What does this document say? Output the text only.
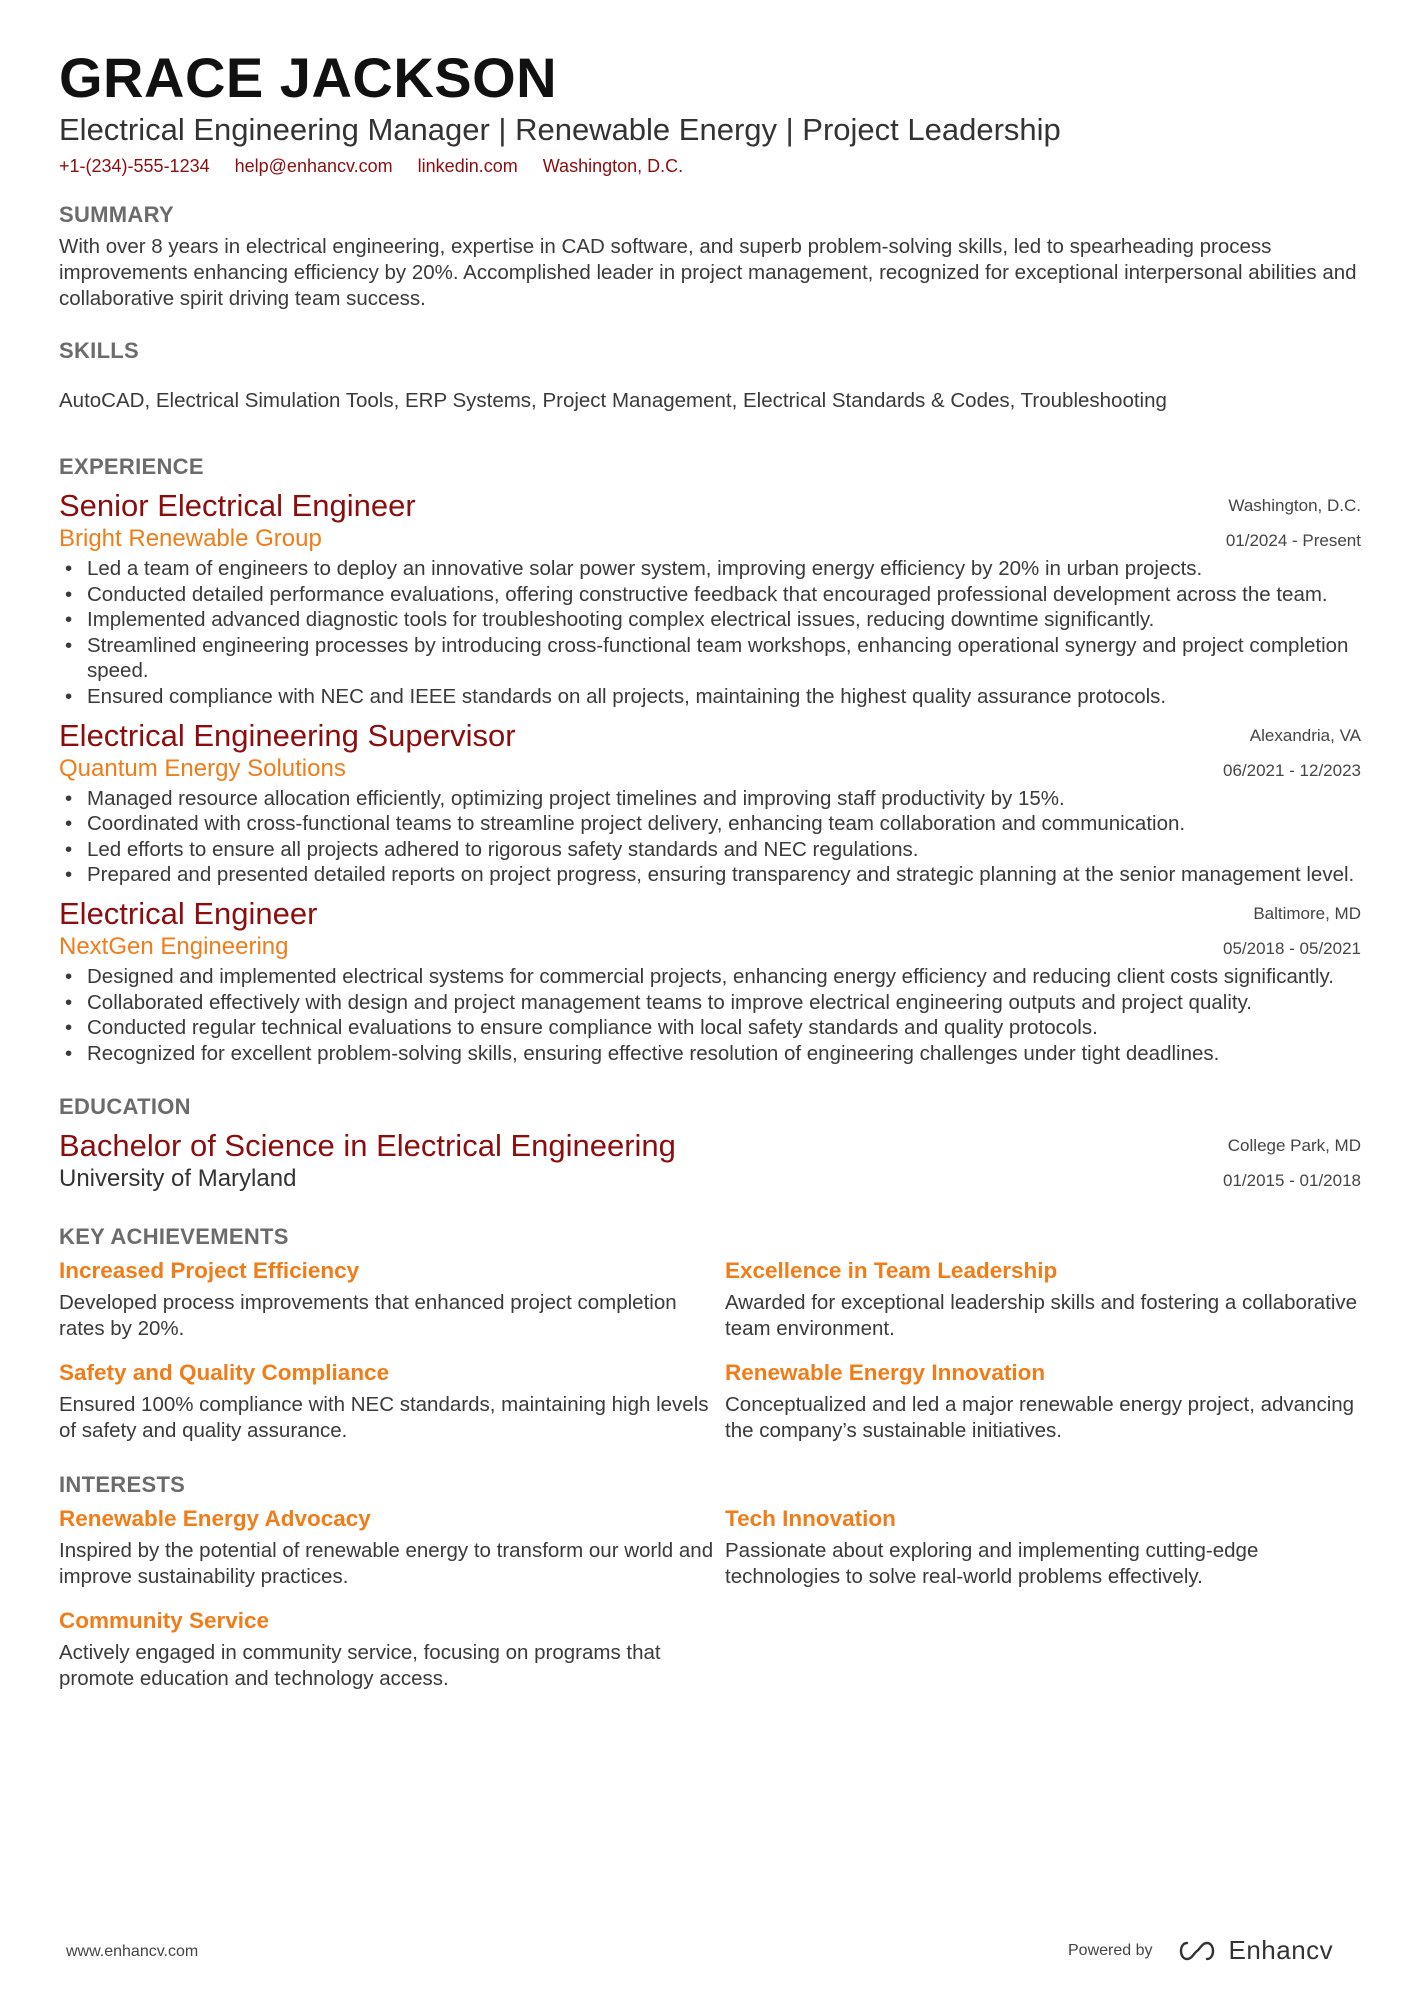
GRACE JACKSON
Electrical Engineering Manager | Renewable Energy | Project Leadership
+1-(234)-555-1234 help@enhancv.com linkedin.com Washington, D.C.
SUMMARY
With over 8 years in electrical engineering, expertise in CAD software, and superb problem-solving skills, led to spearheading process improvements enhancing efficiency by 20%. Accomplished leader in project management, recognized for exceptional interpersonal abilities and collaborative spirit driving team success.
SKILLS
AutoCAD, Electrical Simulation Tools, ERP Systems, Project Management, Electrical Standards & Codes, Troubleshooting
EXPERIENCE
Senior Electrical Engineer
Bright Renewable Group
Washington, D.C.
01/2024 - Present
• Led a team of engineers to deploy an innovative solar power system, improving energy efficiency by 20% in urban projects.
• Conducted detailed performance evaluations, offering constructive feedback that encouraged professional development across the team.
• Implemented advanced diagnostic tools for troubleshooting complex electrical issues, reducing downtime significantly.
• Streamlined engineering processes by introducing cross-functional team workshops, enhancing operational synergy and project completion speed.
• Ensured compliance with NEC and IEEE standards on all projects, maintaining the highest quality assurance protocols.
Electrical Engineering Supervisor
Quantum Energy Solutions
Alexandria, VA
06/2021 - 12/2023
• Managed resource allocation efficiently, optimizing project timelines and improving staff productivity by 15%.
• Coordinated with cross-functional teams to streamline project delivery, enhancing team collaboration and communication.
• Led efforts to ensure all projects adhered to rigorous safety standards and NEC regulations.
• Prepared and presented detailed reports on project progress, ensuring transparency and strategic planning at the senior management level.
Electrical Engineer
NextGen Engineering
Baltimore, MD
05/2018 - 05/2021
• Designed and implemented electrical systems for commercial projects, enhancing energy efficiency and reducing client costs significantly.
• Collaborated effectively with design and project management teams to improve electrical engineering outputs and project quality.
• Conducted regular technical evaluations to ensure compliance with local safety standards and quality protocols.
• Recognized for excellent problem-solving skills, ensuring effective resolution of engineering challenges under tight deadlines.
EDUCATION
Bachelor of Science in Electrical Engineering
University of Maryland
College Park, MD
01/2015 - 01/2018
KEY ACHIEVEMENTS
Increased Project Efficiency
Developed process improvements that enhanced project completion rates by 20%.
Excellence in Team Leadership
Awarded for exceptional leadership skills and fostering a collaborative team environment.
Safety and Quality Compliance
Ensured 100% compliance with NEC standards, maintaining high levels of safety and quality assurance.
Renewable Energy Innovation
Conceptualized and led a major renewable energy project, advancing the company’s sustainable initiatives.
INTERESTS
Renewable Energy Advocacy
Inspired by the potential of renewable energy to transform our world and improve sustainability practices.
Tech Innovation
Passionate about exploring and implementing cutting-edge technologies to solve real-world problems effectively.
Community Service
Actively engaged in community service, focusing on programs that promote education and technology access.
www.enhancv.com	Powered by	Enhancv
